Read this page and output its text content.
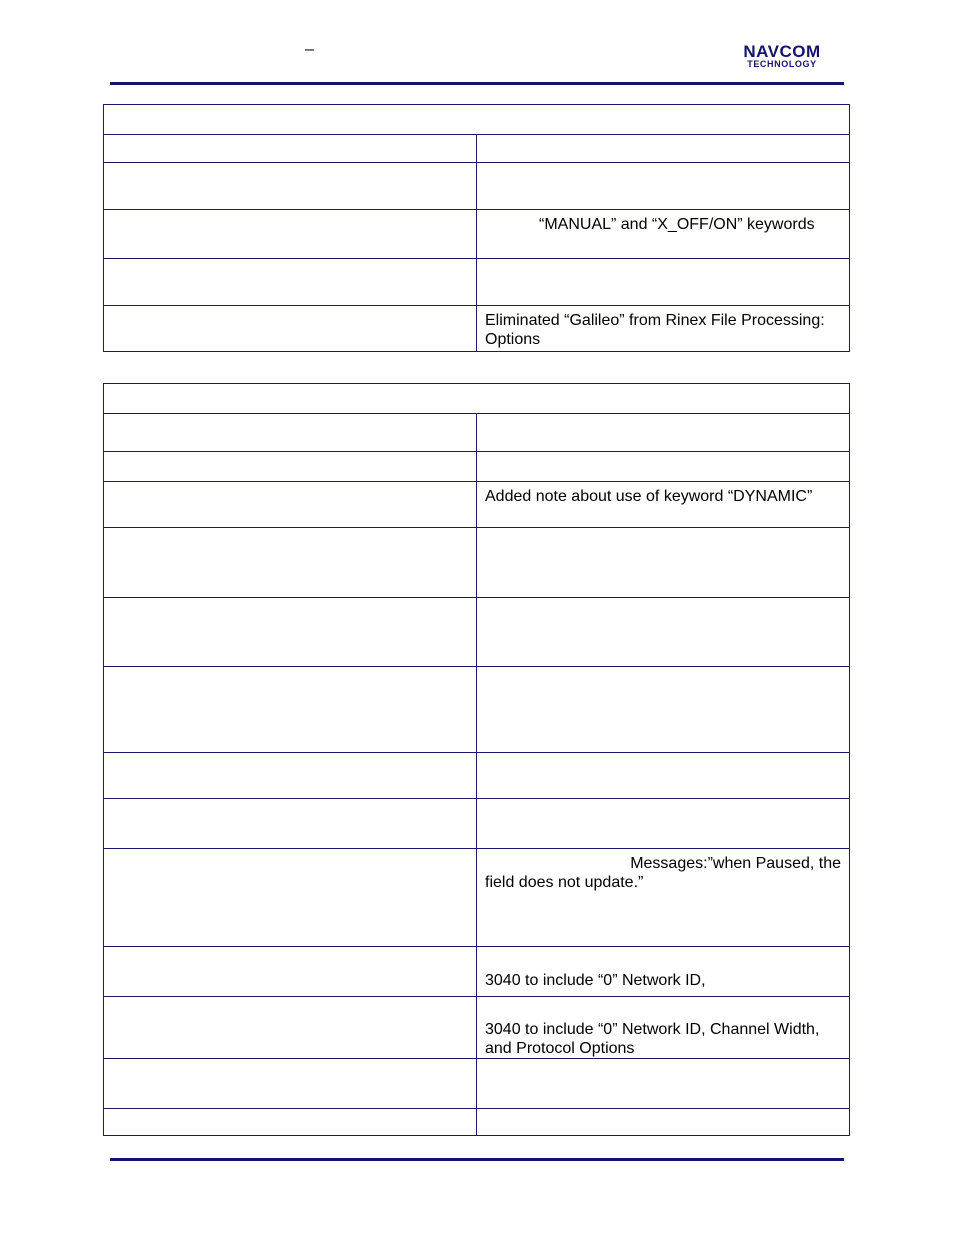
–	NAVCOM
TECHNOLOGY

	“MANUAL” and “X_OFF/ON” keywords

	Eliminated “Galileo” from Rinex File Processing: Options

	Added note about use of keyword “DYNAMIC”

	Messages:”when Paused, the
field does not update.”

	3040 to include “0” Network ID,

	3040 to include “0” Network ID, Channel Width, and Protocol Options
